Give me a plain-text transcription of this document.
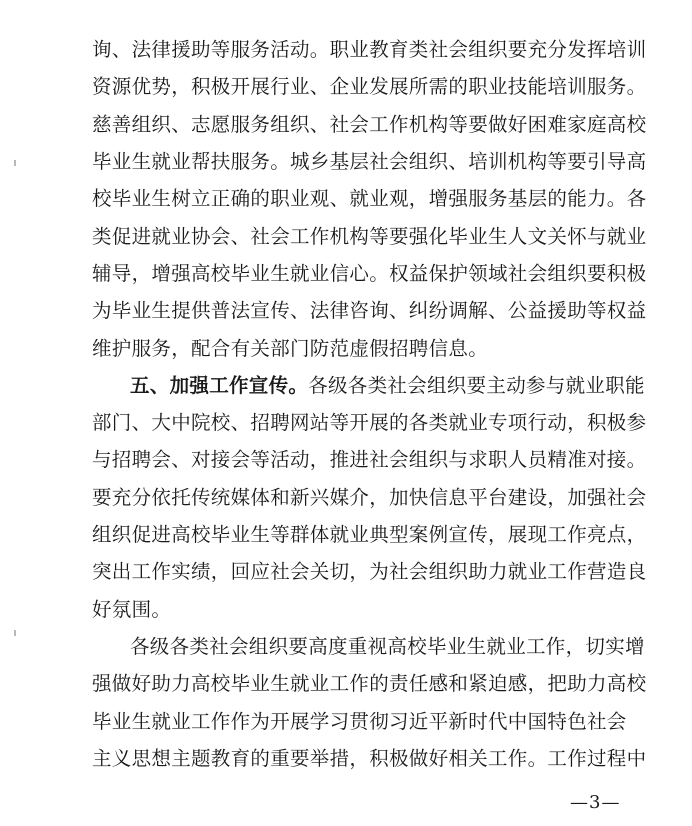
询、法律援助等服务活动。职业教育类社会组织要充分发挥培训
资源优势，积极开展行业、企业发展所需的职业技能培训服务。
慈善组织、志愿服务组织、社会工作机构等要做好困难家庭高校
毕业生就业帮扶服务。城乡基层社会组织、培训机构等要引导高
校毕业生树立正确的职业观、就业观，增强服务基层的能力。各
类促进就业协会、社会工作机构等要强化毕业生人文关怀与就业
辅导，增强高校毕业生就业信心。权益保护领域社会组织要积极
为毕业生提供普法宣传、法律咨询、纠纷调解、公益援助等权益
维护服务，配合有关部门防范虚假招聘信息。
五、加强工作宣传。各级各类社会组织要主动参与就业职能
部门、大中院校、招聘网站等开展的各类就业专项行动，积极参
与招聘会、对接会等活动，推进社会组织与求职人员精准对接。
要充分依托传统媒体和新兴媒介，加快信息平台建设，加强社会
组织促进高校毕业生等群体就业典型案例宣传，展现工作亮点，
突出工作实绩，回应社会关切，为社会组织助力就业工作营造良
好氛围。
各级各类社会组织要高度重视高校毕业生就业工作，切实增
强做好助力高校毕业生就业工作的责任感和紧迫感，把助力高校
—3—
毕业生就业工作作为开展学习贯彻习近平新时代中国特色社会
主义思想主题教育的重要举措，积极做好相关工作。工作过程中
